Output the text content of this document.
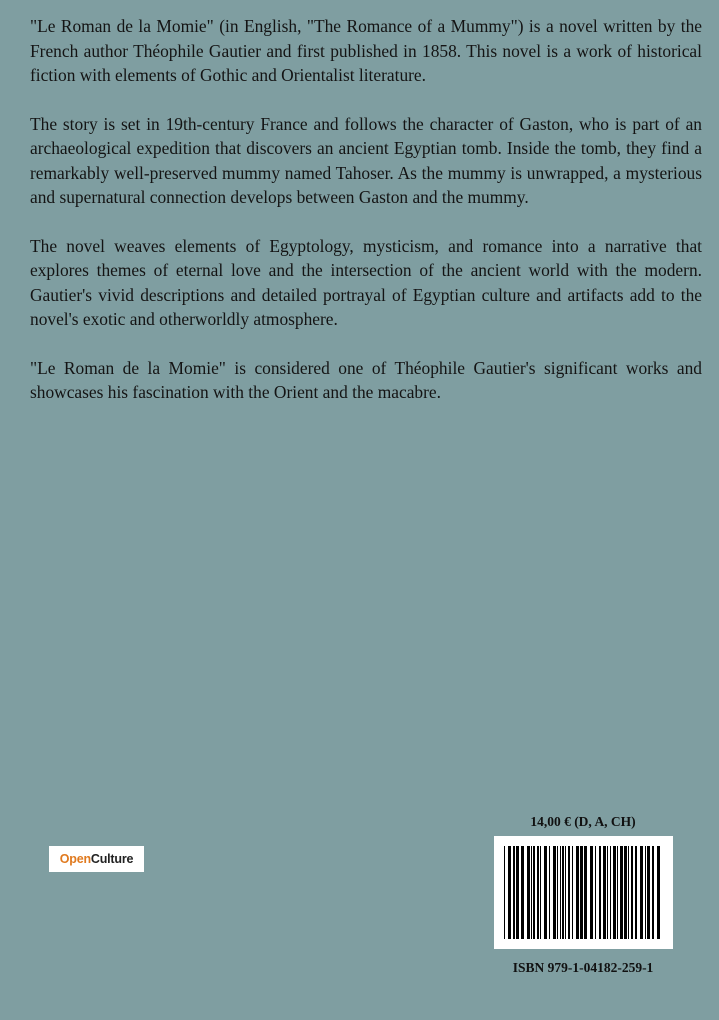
"Le Roman de la Momie" (in English, "The Romance of a Mummy") is a novel written by the French author Théophile Gautier and first published in 1858. This novel is a work of historical fiction with elements of Gothic and Orientalist literature.

The story is set in 19th-century France and follows the character of Gaston, who is part of an archaeological expedition that discovers an ancient Egyptian tomb. Inside the tomb, they find a remarkably well-preserved mummy named Tahoser. As the mummy is unwrapped, a mysterious and supernatural connection develops between Gaston and the mummy.

The novel weaves elements of Egyptology, mysticism, and romance into a narrative that explores themes of eternal love and the intersection of the ancient world with the modern. Gautier's vivid descriptions and detailed portrayal of Egyptian culture and artifacts add to the novel's exotic and otherworldly atmosphere.

"Le Roman de la Momie" is considered one of Théophile Gautier's significant works and showcases his fascination with the Orient and the macabre.

Open Culture
14,00 € (D, A, CH)
ISBN 979-1-04182-259-1
